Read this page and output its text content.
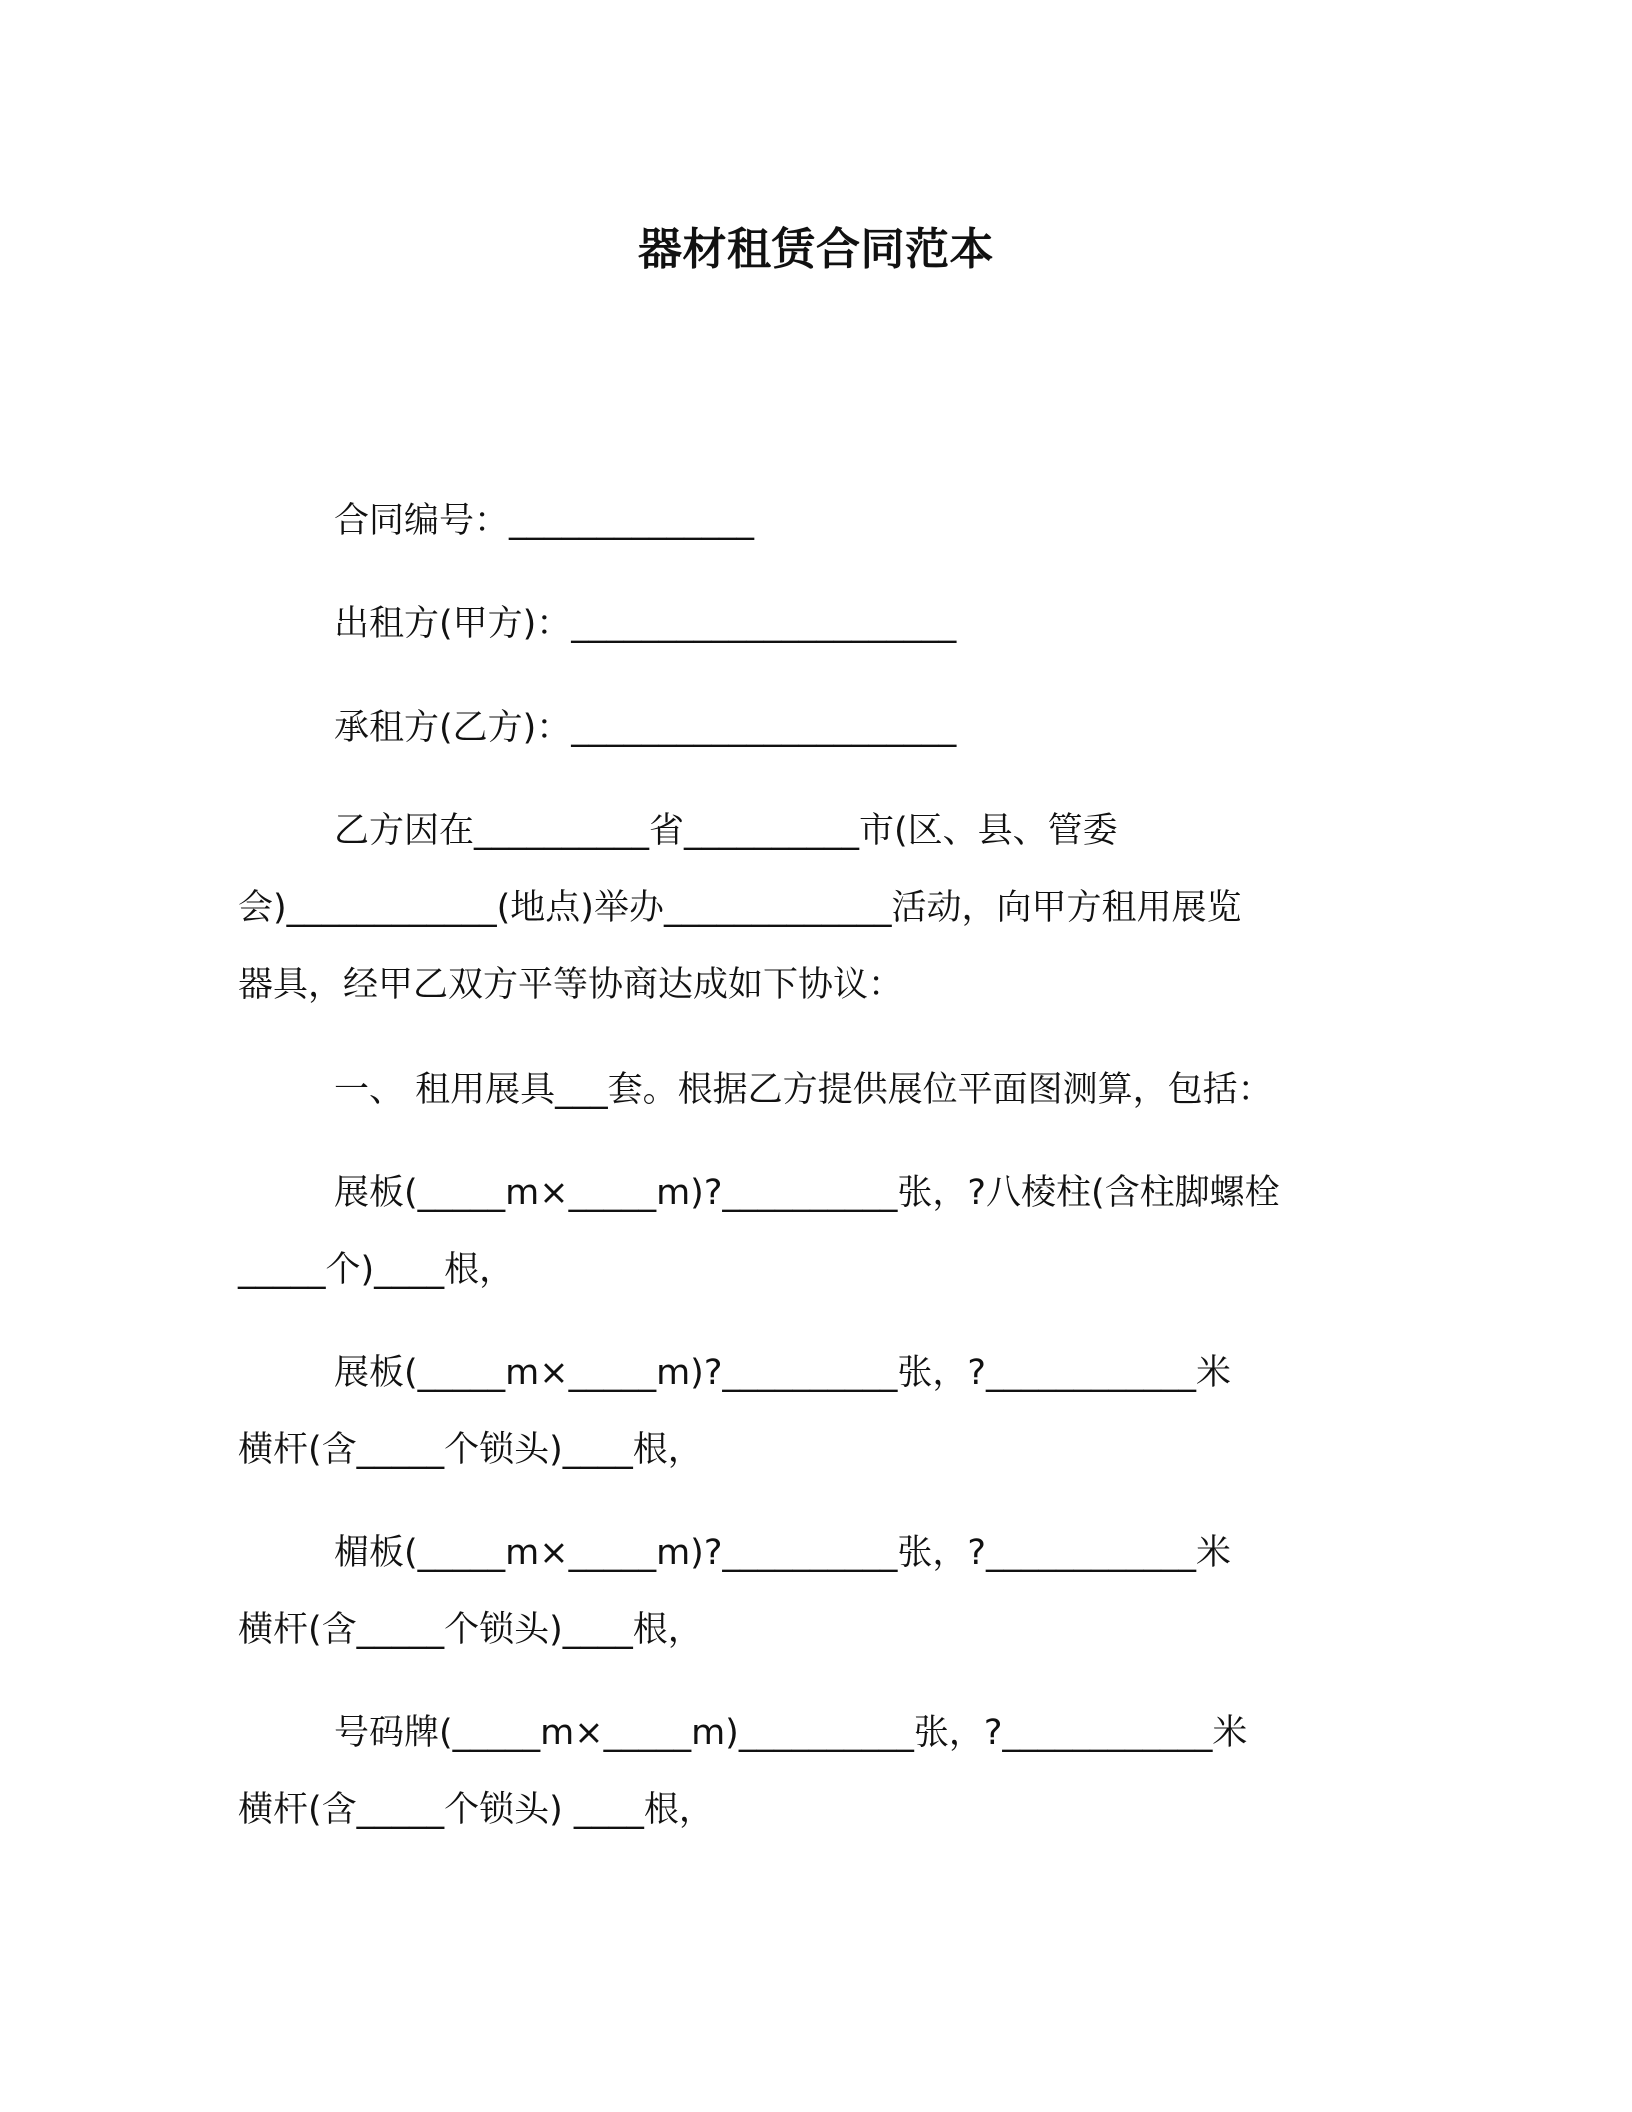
器材租赁合同范本
合同编号：______________
出租方(甲方)：______________________
承租方(乙方)：______________________
乙方因在__________省__________市(区、县、管委
会)____________(地点)举办_____________活动，向甲方租用展览
器具，经甲乙双方平等协商达成如下协议：
一、 租用展具___套。根据乙方提供展位平面图测算，包括：
展板(_____m×_____m)?__________张，?八棱柱(含柱脚螺栓
_____个)____根，
展板(_____m×_____m)?__________张，?____________米
横杆(含_____个锁头)____根，
楣板(_____m×_____m)?__________张，?____________米
横杆(含_____个锁头)____根，
号码牌(_____m×_____m)__________张，?____________米
横杆(含_____个锁头) ____根，
